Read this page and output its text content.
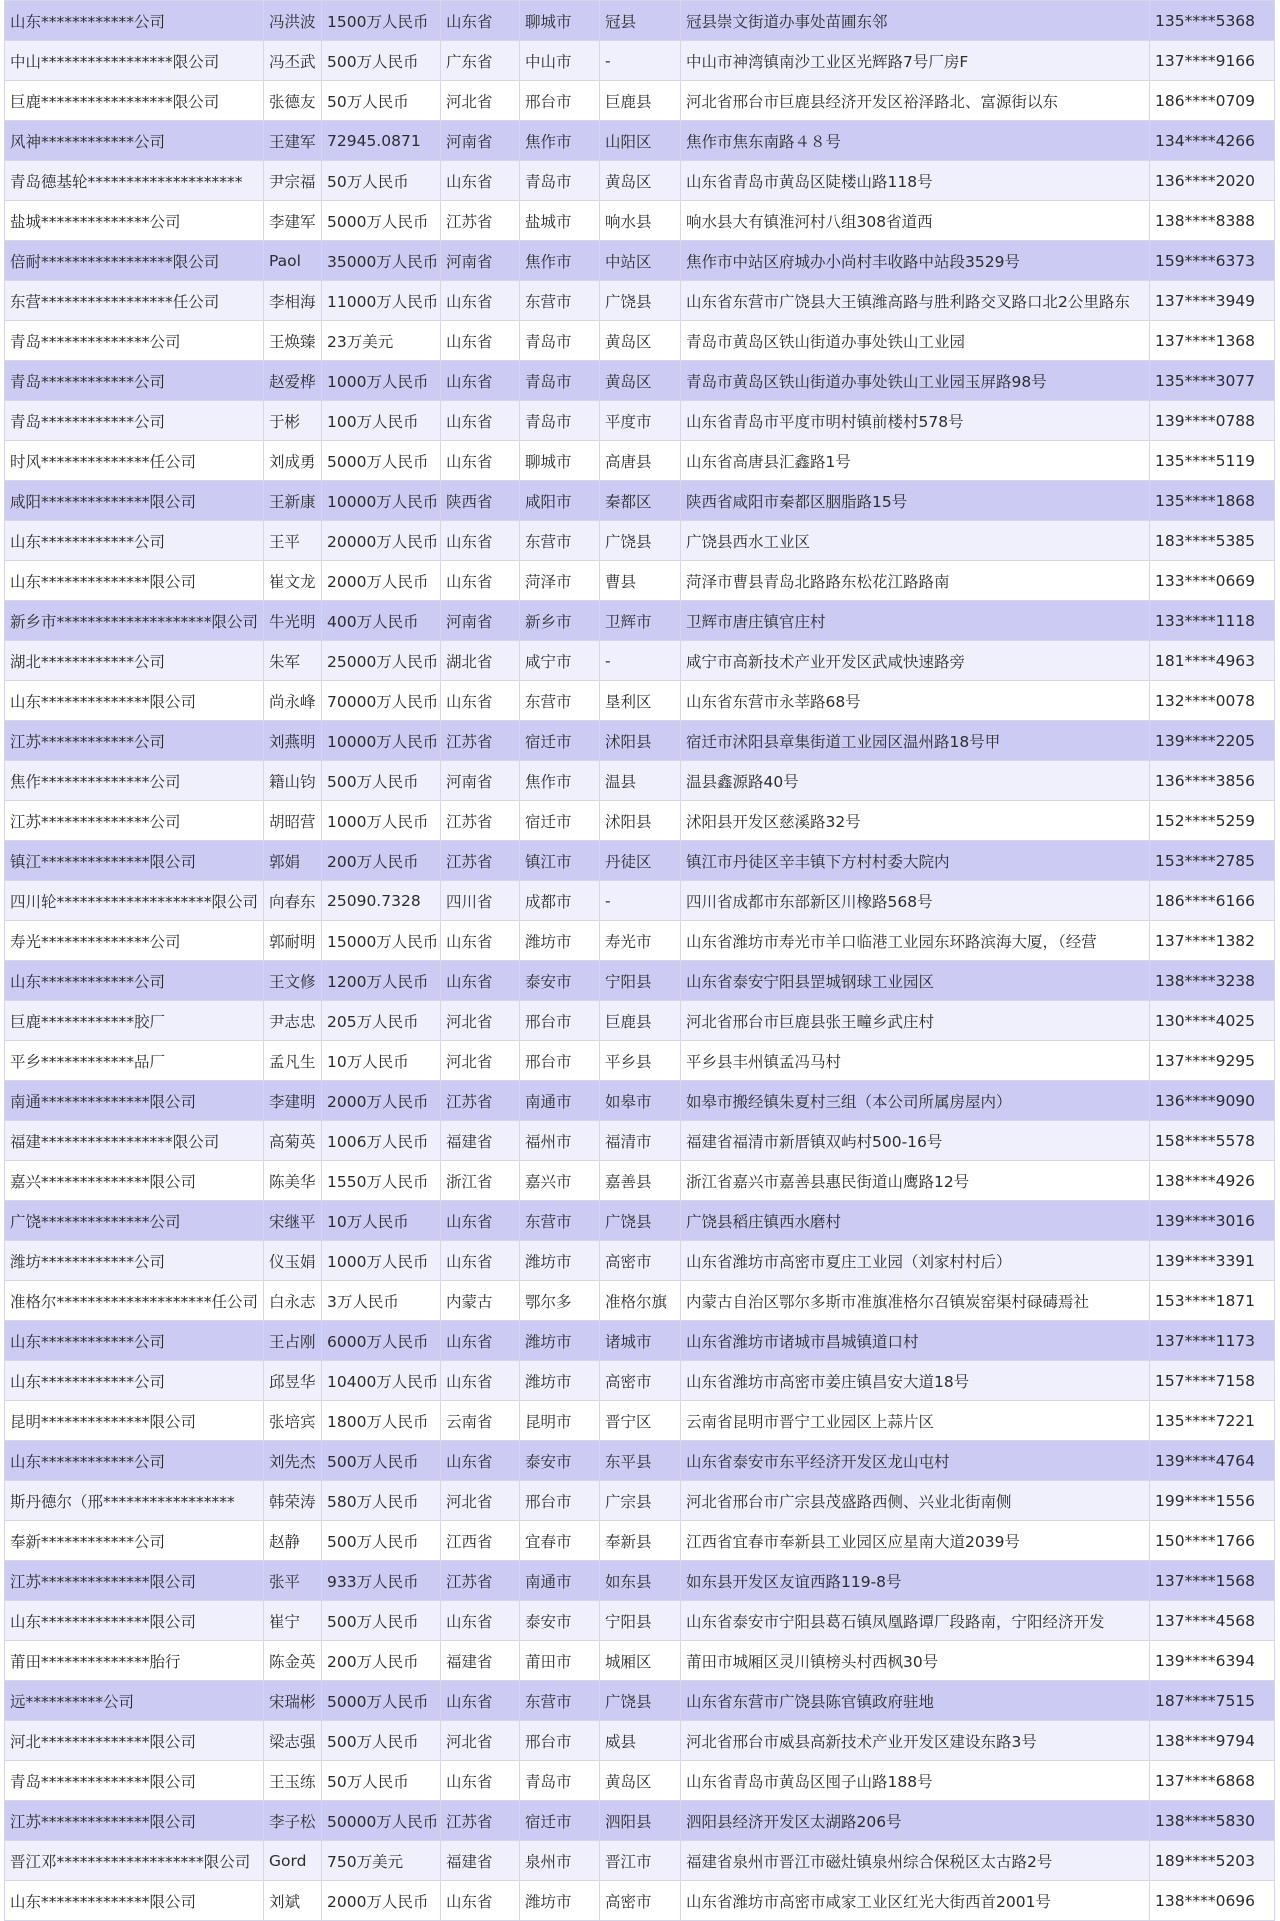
山东************公司	冯洪波	1500万人民币	山东省	聊城市	冠县	冠县崇文街道办事处苗圃东邻	135****5368
中山*****************限公司	冯丕武	500万人民币	广东省	中山市	-	中山市神湾镇南沙工业区光辉路7号厂房F	137****9166
巨鹿*****************限公司	张德友	50万人民币	河北省	邢台市	巨鹿县	河北省邢台市巨鹿县经济开发区裕泽路北、富源街以东	186****0709
风神************公司	王建军	72945.0871	河南省	焦作市	山阳区	焦作市焦东南路４８号	134****4266
青岛德基轮********************	尹宗福	50万人民币	山东省	青岛市	黄岛区	山东省青岛市黄岛区陡楼山路118号	136****2020
盐城**************公司	李建军	5000万人民币	江苏省	盐城市	响水县	响水县大有镇淮河村八组308省道西	138****8388
倍耐*****************限公司	Paol	35000万人民币	河南省	焦作市	中站区	焦作市中站区府城办小尚村丰收路中站段3529号	159****6373
东营*****************任公司	李相海	11000万人民币	山东省	东营市	广饶县	山东省东营市广饶县大王镇潍高路与胜利路交叉路口北2公里路东	137****3949
青岛**************公司	王焕臻	23万美元	山东省	青岛市	黄岛区	青岛市黄岛区铁山街道办事处铁山工业园	137****1368
青岛************公司	赵爱桦	1000万人民币	山东省	青岛市	黄岛区	青岛市黄岛区铁山街道办事处铁山工业园玉屏路98号	135****3077
青岛************公司	于彬	100万人民币	山东省	青岛市	平度市	山东省青岛市平度市明村镇前楼村578号	139****0788
时风**************任公司	刘成勇	5000万人民币	山东省	聊城市	高唐县	山东省高唐县汇鑫路1号	135****5119
咸阳**************限公司	王新康	10000万人民币	陕西省	咸阳市	秦都区	陕西省咸阳市秦都区胭脂路15号	135****1868
山东************公司	王平	20000万人民币	山东省	东营市	广饶县	广饶县西水工业区	183****5385
山东**************限公司	崔文龙	2000万人民币	山东省	菏泽市	曹县	菏泽市曹县青岛北路路东松花江路路南	133****0669
新乡市********************限公司	牛光明	400万人民币	河南省	新乡市	卫辉市	卫辉市唐庄镇官庄村	133****1118
湖北************公司	朱军	25000万人民币	湖北省	咸宁市	-	咸宁市高新技术产业开发区武咸快速路旁	181****4963
山东**************限公司	尚永峰	70000万人民币	山东省	东营市	垦利区	山东省东营市永莘路68号	132****0078
江苏************公司	刘燕明	10000万人民币	江苏省	宿迁市	沭阳县	宿迁市沭阳县章集街道工业园区温州路18号甲	139****2205
焦作**************公司	籍山钧	500万人民币	河南省	焦作市	温县	温县鑫源路40号	136****3856
江苏**************公司	胡昭营	1000万人民币	江苏省	宿迁市	沭阳县	沭阳县开发区慈溪路32号	152****5259
镇江**************限公司	郭娟	200万人民币	江苏省	镇江市	丹徒区	镇江市丹徒区辛丰镇下方村村委大院内	153****2785
四川轮********************限公司	向春东	25090.7328	四川省	成都市	-	四川省成都市东部新区川橡路568号	186****6166
寿光**************公司	郭耐明	15000万人民币	山东省	潍坊市	寿光市	山东省潍坊市寿光市羊口临港工业园东环路滨海大厦，（经营	137****1382
山东************公司	王文修	1200万人民币	山东省	泰安市	宁阳县	山东省泰安宁阳县罡城钢球工业园区	138****3238
巨鹿************胶厂	尹志忠	205万人民币	河北省	邢台市	巨鹿县	河北省邢台市巨鹿县张王疃乡武庄村	130****4025
平乡************品厂	孟凡生	10万人民币	河北省	邢台市	平乡县	平乡县丰州镇孟冯马村	137****9295
南通**************限公司	李建明	2000万人民币	江苏省	南通市	如皋市	如皋市搬经镇朱夏村三组（本公司所属房屋内）	136****9090
福建*****************限公司	高菊英	1006万人民币	福建省	福州市	福清市	福建省福清市新厝镇双屿村500-16号	158****5578
嘉兴**************限公司	陈美华	1550万人民币	浙江省	嘉兴市	嘉善县	浙江省嘉兴市嘉善县惠民街道山鹰路12号	138****4926
广饶**************公司	宋继平	10万人民币	山东省	东营市	广饶县	广饶县稻庄镇西水磨村	139****3016
潍坊************公司	仪玉娟	1000万人民币	山东省	潍坊市	高密市	山东省潍坊市高密市夏庄工业园（刘家村村后）	139****3391
准格尔********************任公司	白永志	3万人民币	内蒙古	鄂尔多	准格尔旗	内蒙古自治区鄂尔多斯市准旗准格尔召镇炭窑渠村碌碡焉社	153****1871
山东************公司	王占刚	6000万人民币	山东省	潍坊市	诸城市	山东省潍坊市诸城市昌城镇道口村	137****1173
山东************公司	邱昱华	10400万人民币	山东省	潍坊市	高密市	山东省潍坊市高密市姜庄镇昌安大道18号	157****7158
昆明**************限公司	张培宾	1800万人民币	云南省	昆明市	晋宁区	云南省昆明市晋宁工业园区上蒜片区	135****7221
山东************公司	刘先杰	500万人民币	山东省	泰安市	东平县	山东省泰安市东平经济开发区龙山屯村	139****4764
斯丹德尔（邢*****************	韩荣涛	580万人民币	河北省	邢台市	广宗县	河北省邢台市广宗县茂盛路西侧、兴业北街南侧	199****1556
奉新************公司	赵静	500万人民币	江西省	宜春市	奉新县	江西省宜春市奉新县工业园区应星南大道2039号	150****1766
江苏**************限公司	张平	933万人民币	江苏省	南通市	如东县	如东县开发区友谊西路119-8号	137****1568
山东**************限公司	崔宁	500万人民币	山东省	泰安市	宁阳县	山东省泰安市宁阳县葛石镇凤凰路谭厂段路南，宁阳经济开发	137****4568
莆田**************胎行	陈金英	200万人民币	福建省	莆田市	城厢区	莆田市城厢区灵川镇榜头村西枫30号	139****6394
远**********公司	宋瑞彬	5000万人民币	山东省	东营市	广饶县	山东省东营市广饶县陈官镇政府驻地	187****7515
河北**************限公司	梁志强	500万人民币	河北省	邢台市	威县	河北省邢台市威县高新技术产业开发区建设东路3号	138****9794
青岛**************限公司	王玉练	50万人民币	山东省	青岛市	黄岛区	山东省青岛市黄岛区囤子山路188号	137****6868
江苏**************限公司	李子松	50000万人民币	江苏省	宿迁市	泗阳县	泗阳县经济开发区太湖路206号	138****5830
晋江邓*******************限公司	Gord	750万美元	福建省	泉州市	晋江市	福建省泉州市晋江市磁灶镇泉州综合保税区太古路2号	189****5203
山东**************限公司	刘斌	2000万人民币	山东省	潍坊市	高密市	山东省潍坊市高密市咸家工业区红光大街西首2001号	138****0696
